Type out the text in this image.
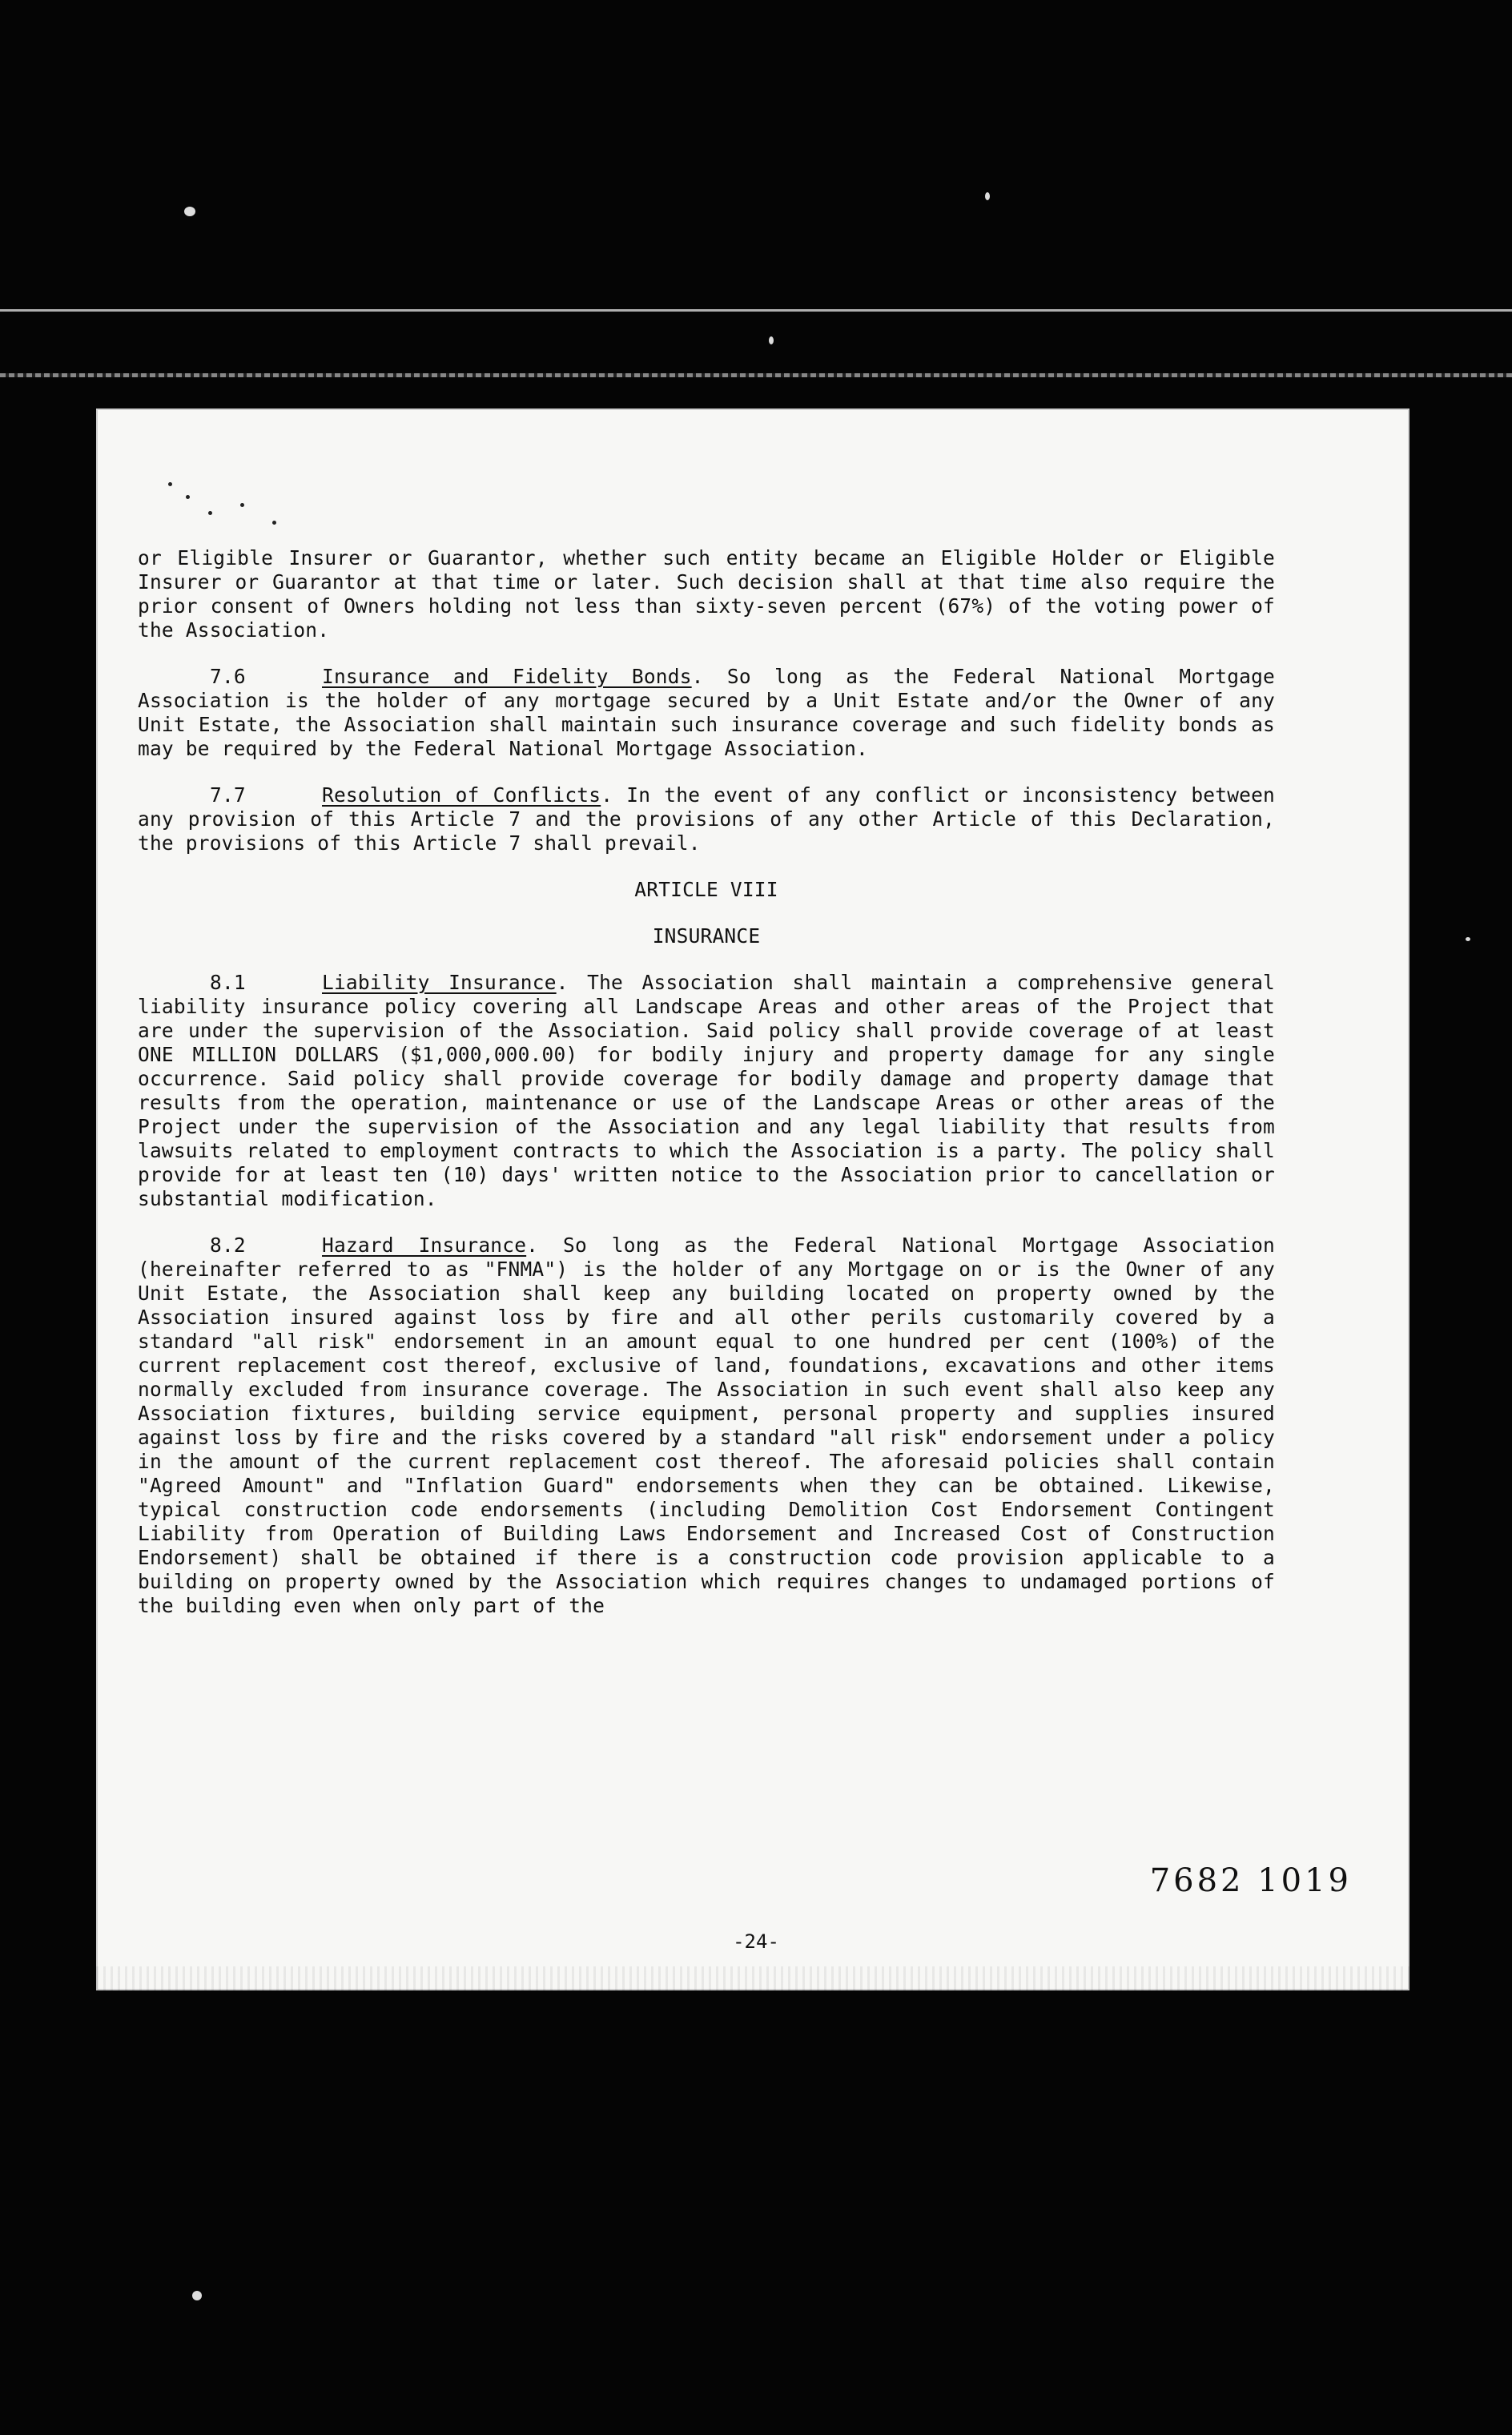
or Eligible Insurer or Guarantor, whether such entity became an Eligible Holder or Eligible Insurer or Guarantor at that time or later. Such decision shall at that time also require the prior consent of Owners holding not less than sixty-seven percent (67%) of the voting power of the Association.

7.6	Insurance and Fidelity Bonds. So long as the Federal National Mortgage Association is the holder of any mortgage secured by a Unit Estate and/or the Owner of any Unit Estate, the Association shall maintain such insurance coverage and such fidelity bonds as may be required by the Federal National Mortgage Association.

7.7	Resolution of Conflicts. In the event of any conflict or inconsistency between any provision of this Article 7 and the provisions of any other Article of this Declaration, the provisions of this Article 7 shall prevail.

ARTICLE VIII

INSURANCE

8.1	Liability Insurance. The Association shall maintain a comprehensive general liability insurance policy covering all Landscape Areas and other areas of the Project that are under the supervision of the Association. Said policy shall provide coverage of at least ONE MILLION DOLLARS ($1,000,000.00) for bodily injury and property damage for any single occurrence. Said policy shall provide coverage for bodily damage and property damage that results from the operation, maintenance or use of the Landscape Areas or other areas of the Project under the supervision of the Association and any legal liability that results from lawsuits related to employment contracts to which the Association is a party. The policy shall provide for at least ten (10) days' written notice to the Association prior to cancellation or substantial modification.

8.2	Hazard Insurance. So long as the Federal National Mortgage Association (hereinafter referred to as "FNMA") is the holder of any Mortgage on or is the Owner of any Unit Estate, the Association shall keep any building located on property owned by the Association insured against loss by fire and all other perils customarily covered by a standard "all risk" endorsement in an amount equal to one hundred per cent (100%) of the current replacement cost thereof, exclusive of land, foundations, excavations and other items normally excluded from insurance coverage. The Association in such event shall also keep any Association fixtures, building service equipment, personal property and supplies insured against loss by fire and the risks covered by a standard "all risk" endorsement under a policy in the amount of the current replacement cost thereof. The aforesaid policies shall contain "Agreed Amount" and "Inflation Guard" endorsements when they can be obtained. Likewise, typical construction code endorsements (including Demolition Cost Endorsement Contingent Liability from Operation of Building Laws Endorsement and Increased Cost of Construction Endorsement) shall be obtained if there is a construction code provision applicable to a building on property owned by the Association which requires changes to undamaged portions of the building even when only part of the

7682 1019
-24-
